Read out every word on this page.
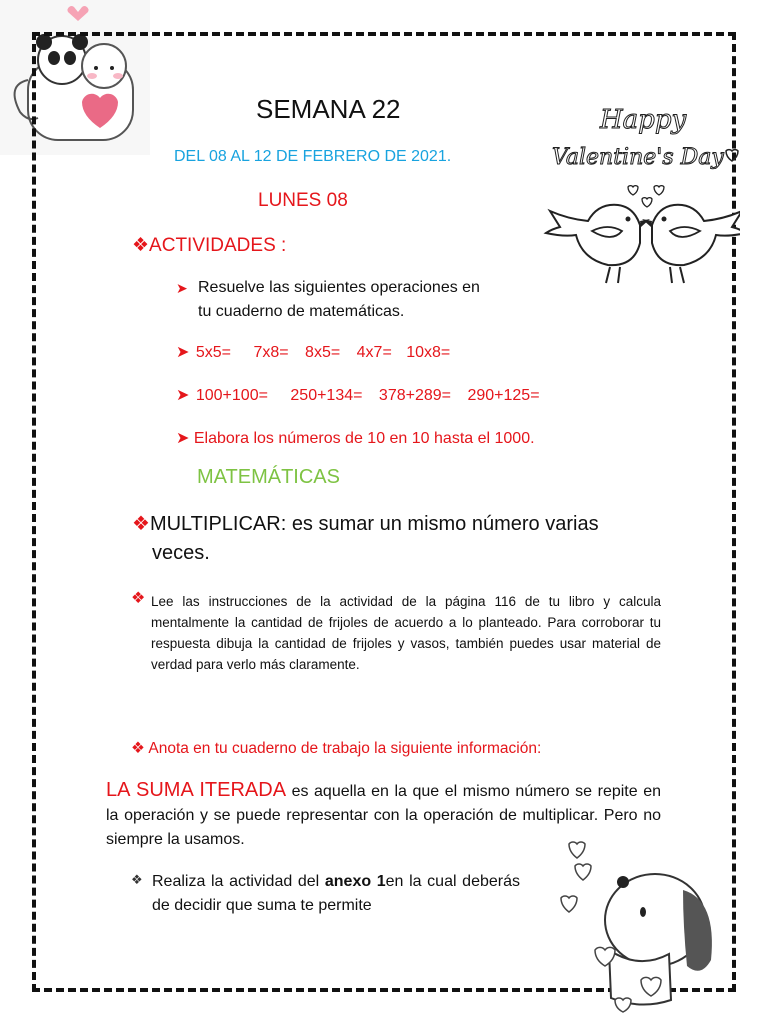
SEMANA 22
DEL 08 AL 12 DE FEBRERO DE 2021.
LUNES 08
Happy
Valentine's Day
❖ACTIVIDADES :
➤ Resuelve las siguientes operaciones en
tu cuaderno de matemáticas.
➤ 5x5= 7x8= 8x5= 4x7= 10x8=
➤ 100+100= 250+134= 378+289= 290+125=
➤ Elabora los números de 10 en 10 hasta el 1000.
MATEMÁTICAS
❖MULTIPLICAR: es sumar un mismo número varias
veces.
❖ Lee las instrucciones de la actividad de la página 116 de tu libro y calcula mentalmente la cantidad de frijoles de acuerdo a lo planteado. Para corroborar tu respuesta dibuja la cantidad de frijoles y vasos, también puedes usar material de verdad para verlo más claramente.
❖ Anota en tu cuaderno de trabajo la siguiente información:
LA SUMA ITERADA es aquella en la que el mismo número se repite en la operación y se puede representar con la operación de multiplicar. Pero no siempre la usamos.
❖ Realiza la actividad del anexo 1en la cual deberás de decidir que suma te permite
